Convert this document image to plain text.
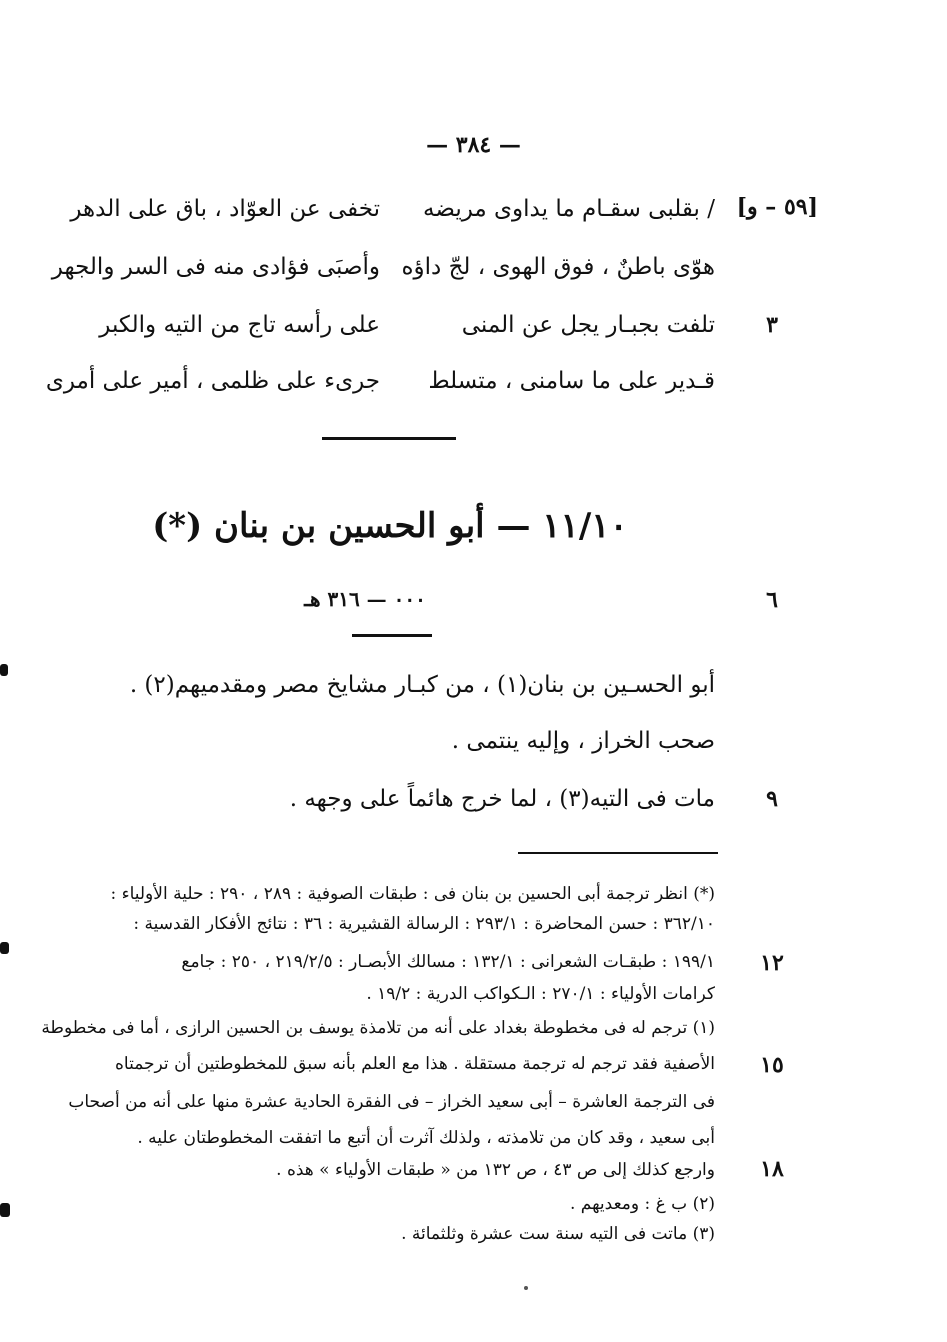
— ٣٨٤ —
[٥٩ – و]
/ بقلبى سقـام ما يداوى مريضه
تخفى عن العوّاد ، باق على الدهر
هوّى باطنٌ ، فوق الهوى ، لجّ داؤه
وأصبَى فؤادى منه فى السر والجهر
٣
تلفت بجبـار يجل عن المنى
على رأسه تاج من التيه والكبر
قـدير على ما سامنى ، متسلط
جرىء على ظلمى ، أمير على أمرى
١١/١٠ — أبو الحسين بن بنان (*)
٠٠٠ — ٣١٦ هـ	٦
أبو الحسـين بن بنان(١) ، من كبـار مشايخ مصر ومقدميهم(٢) .
صحب الخراز ، وإليه ينتمى .
٩
مات فى التيه(٣) ، لما خرج هائماً على وجهه .
(*) انظر ترجمة أبى الحسين بن بنان فى : طبقات الصوفية : ٢٨٩ ، ٢٩٠ : حلية الأولياء :
٣٦٢/١٠ : حسن المحاضرة : ٢٩٣/١ : الرسالة القشيرية : ٣٦ : نتائج الأفكار القدسية :
١٢
١٩٩/١ : طبقـات الشعرانى : ١٣٢/١ : مسالك الأبصـار : ٢١٩/٢/٥ ، ٢٥٠ : جامع
كرامات الأولياء : ٢٧٠/١ : الـكواكب الدرية : ١٩/٢ .
(١) ترجم له فى مخطوطة بغداد على أنه من تلامذة يوسف بن الحسين الرازى ، أما فى مخطوطة
١٥
الأصفية فقد ترجم له ترجمة مستقلة . هذا مع العلم بأنه سبق للمخطوطتين أن ترجمتاه
فى الترجمة العاشرة – أبى سعيد الخراز – فى الفقرة الحادية عشرة منها على أنه من أصحاب
أبى سعيد ، وقد كان من تلامذته ، ولذلك آثرت أن أتبع ما اتفقت المخطوطتان عليه .
١٨
وارجع كذلك إلى ص ٤٣ ، ص ١٣٢ من « طبقات الأولياء » هذه .
(٢) ب غ : ومعديهم .
(٣) ماتت فى التيه سنة ست عشرة وثلثمائة .
